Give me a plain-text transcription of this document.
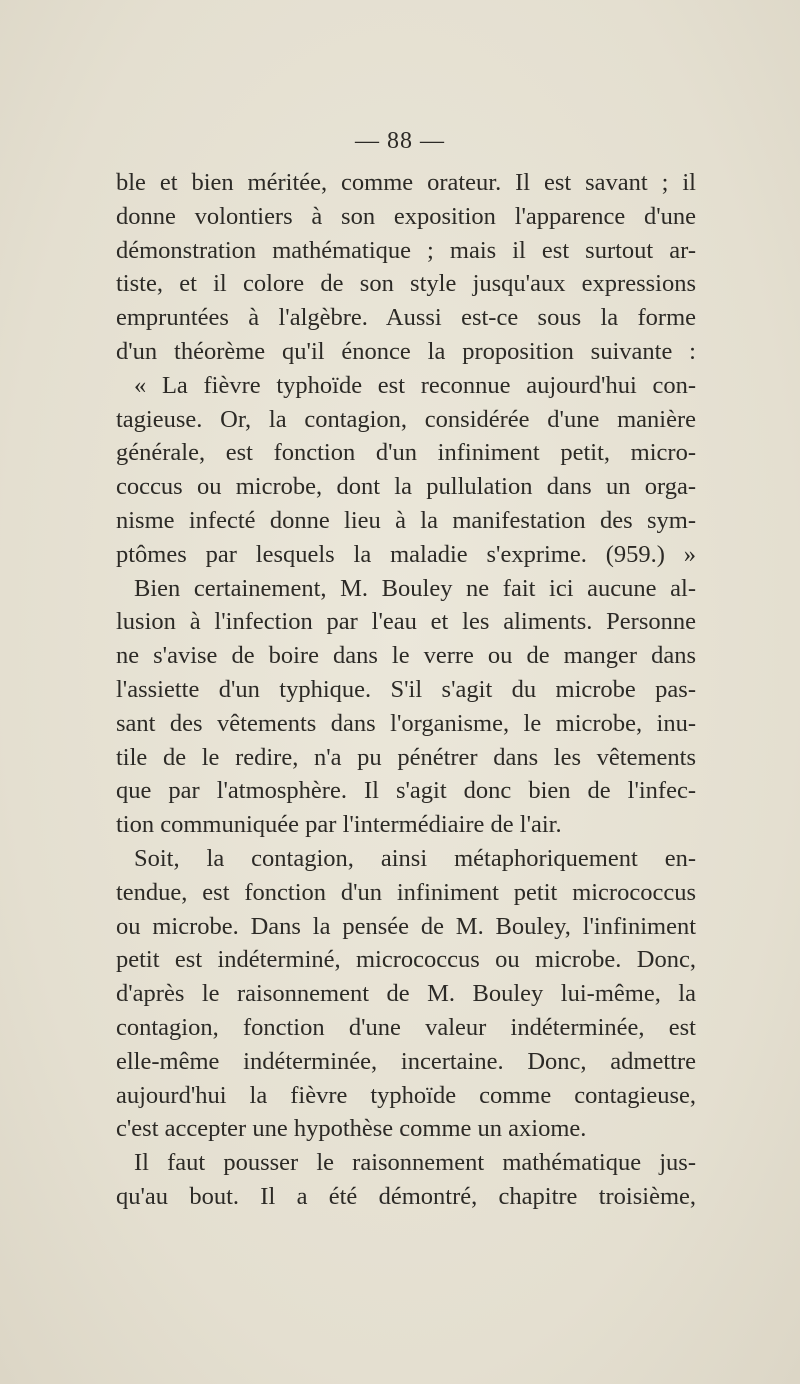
— 88 —
ble et bien méritée, comme orateur. Il est savant ; il
donne volontiers à son exposition l'apparence d'une
démonstration mathématique ; mais il est surtout ar-
tiste, et il colore de son style jusqu'aux expressions
empruntées à l'algèbre. Aussi est-ce sous la forme
d'un théorème qu'il énonce la proposition suivante :
« La fièvre typhoïde est reconnue aujourd'hui con-
tagieuse. Or, la contagion, considérée d'une manière
générale, est fonction d'un infiniment petit, micro-
coccus ou microbe, dont la pullulation dans un orga-
nisme infecté donne lieu à la manifestation des sym-
ptômes par lesquels la maladie s'exprime. (959.) »
Bien certainement, M. Bouley ne fait ici aucune al-
lusion à l'infection par l'eau et les aliments. Personne
ne s'avise de boire dans le verre ou de manger dans
l'assiette d'un typhique. S'il s'agit du microbe pas-
sant des vêtements dans l'organisme, le microbe, inu-
tile de le redire, n'a pu pénétrer dans les vêtements
que par l'atmosphère. Il s'agit donc bien de l'infec-
tion communiquée par l'intermédiaire de l'air.
Soit, la contagion, ainsi métaphoriquement en-
tendue, est fonction d'un infiniment petit micrococcus
ou microbe. Dans la pensée de M. Bouley, l'infiniment
petit est indéterminé, micrococcus ou microbe. Donc,
d'après le raisonnement de M. Bouley lui-même, la
contagion, fonction d'une valeur indéterminée, est
elle-même indéterminée, incertaine. Donc, admettre
aujourd'hui la fièvre typhoïde comme contagieuse,
c'est accepter une hypothèse comme un axiome.
Il faut pousser le raisonnement mathématique jus-
qu'au bout. Il a été démontré, chapitre troisième,
